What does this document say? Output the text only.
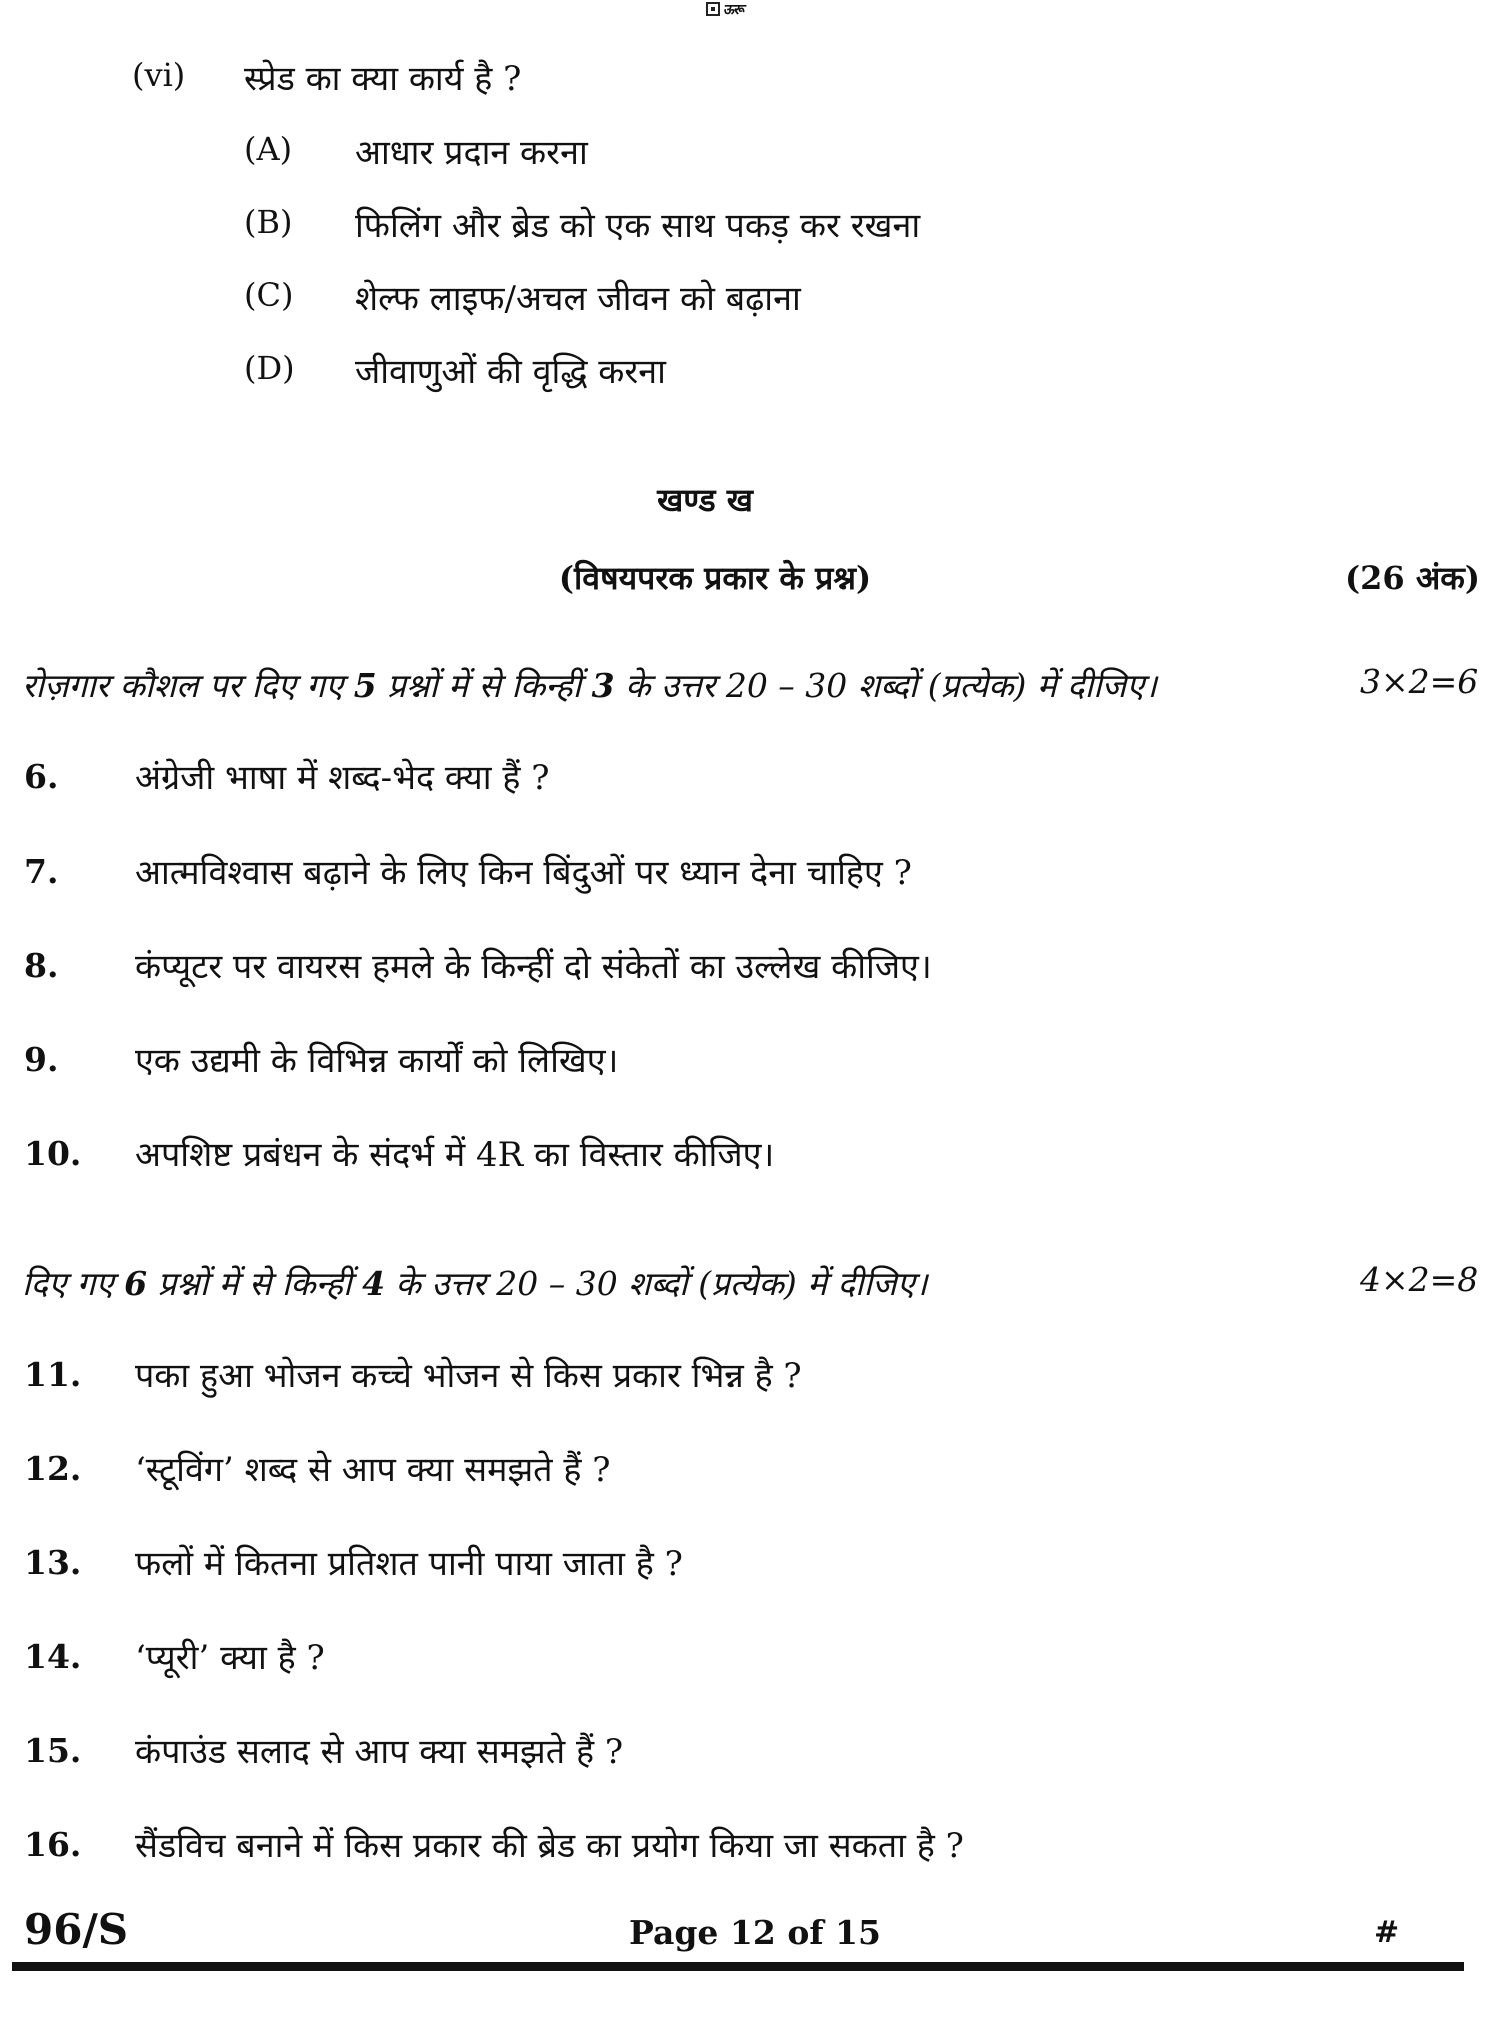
ऊरू
(vi) स्प्रेड का क्या कार्य है ?
(A) आधार प्रदान करना
(B) फिलिंग और ब्रेड को एक साथ पकड़ कर रखना
(C) शेल्फ लाइफ/अचल जीवन को बढ़ाना
(D) जीवाणुओं की वृद्धि करना
खण्ड ख
(विषयपरक प्रकार के प्रश्न)	(26 अंक)
रोज़गार कौशल पर दिए गए 5 प्रश्नों में से किन्हीं 3 के उत्तर 20 – 30 शब्दों (प्रत्येक) में दीजिए।	3×2=6
6. अंग्रेजी भाषा में शब्द-भेद क्या हैं ?
7. आत्मविश्वास बढ़ाने के लिए किन बिंदुओं पर ध्यान देना चाहिए ?
8. कंप्यूटर पर वायरस हमले के किन्हीं दो संकेतों का उल्लेख कीजिए।
9. एक उद्यमी के विभिन्न कार्यों को लिखिए।
10. अपशिष्ट प्रबंधन के संदर्भ में 4R का विस्तार कीजिए।
दिए गए 6 प्रश्नों में से किन्हीं 4 के उत्तर 20 – 30 शब्दों (प्रत्येक) में दीजिए।	4×2=8
11. पका हुआ भोजन कच्चे भोजन से किस प्रकार भिन्न है ?
12. ‘स्टूविंग’ शब्द से आप क्या समझते हैं ?
13. फलों में कितना प्रतिशत पानी पाया जाता है ?
14. ‘प्यूरी’ क्या है ?
15. कंपाउंड सलाद से आप क्या समझते हैं ?
16. सैंडविच बनाने में किस प्रकार की ब्रेड का प्रयोग किया जा सकता है ?
96/S	Page 12 of 15	#
